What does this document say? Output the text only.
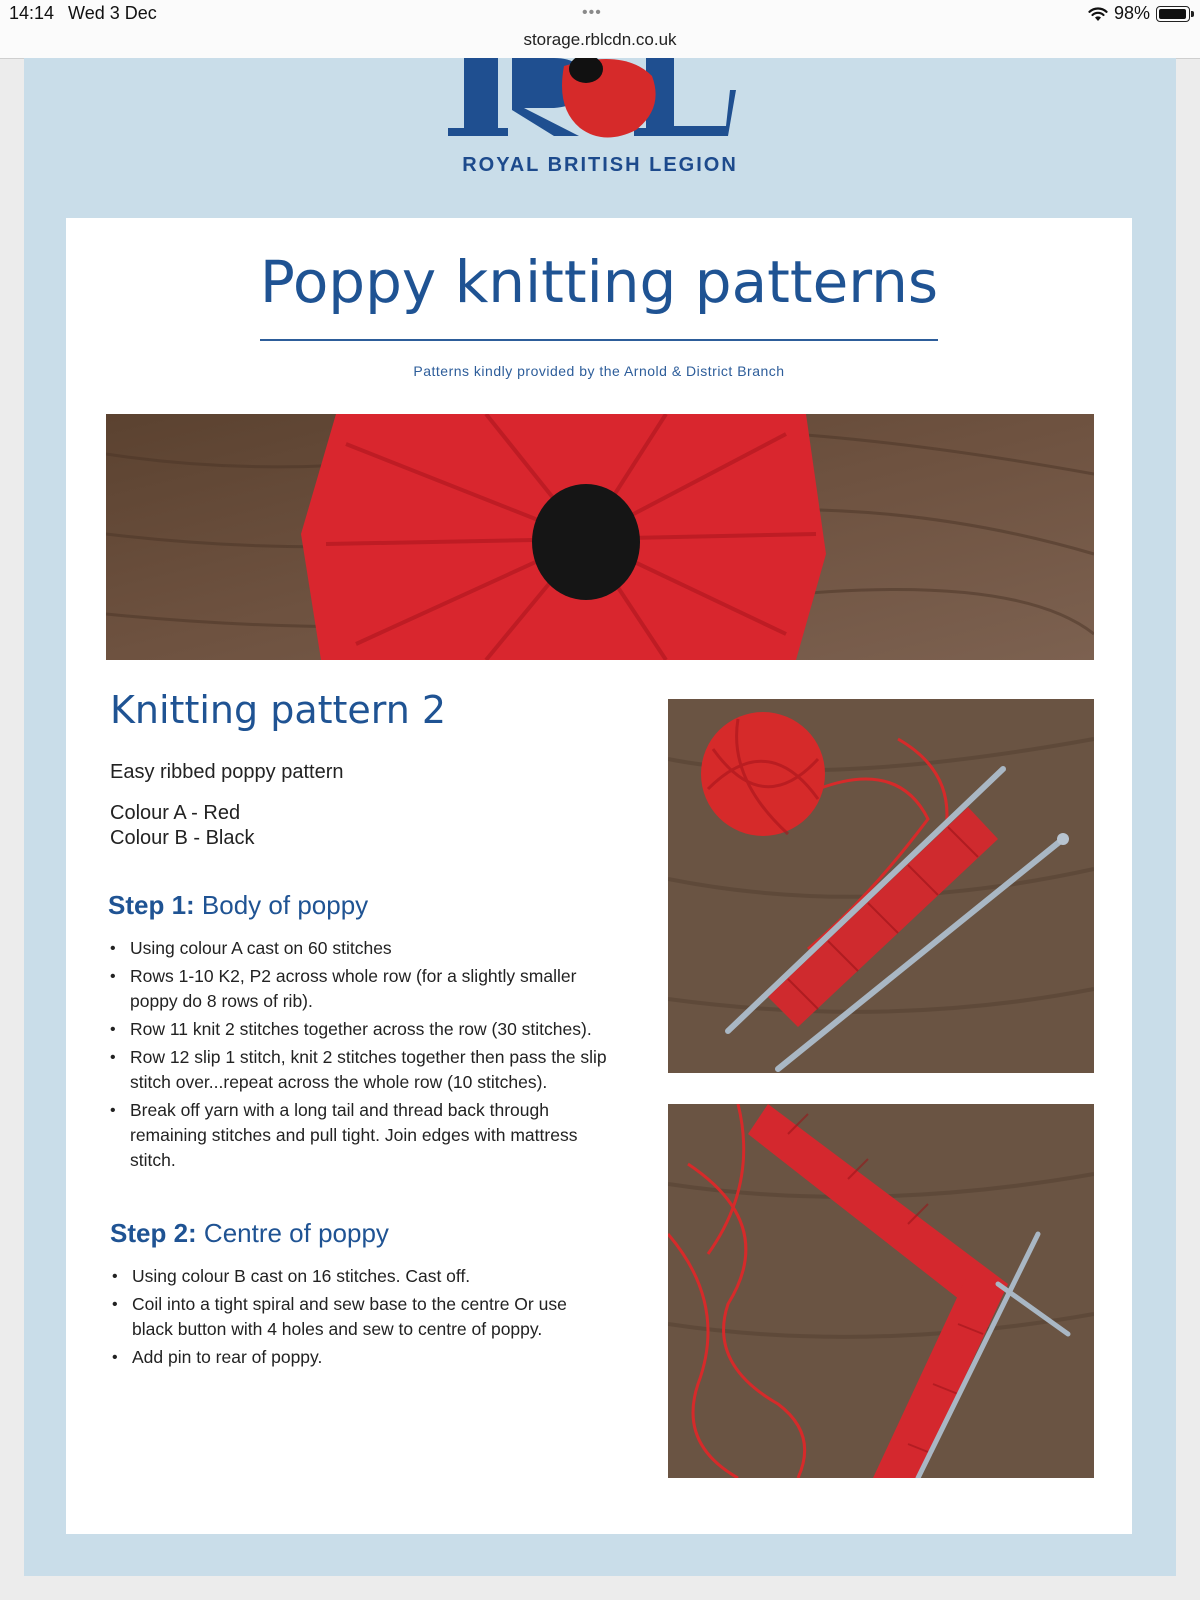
14:14 Wed 3 Dec	•••
storage.rblcdn.co.uk
98%
ROYAL BRITISH LEGION
Poppy knitting patterns
Patterns kindly provided by the Arnold & District Branch
Knitting pattern 2
Easy ribbed poppy pattern
Colour A - Red
Colour B - Black
Step 1: Body of poppy
• Using colour A cast on 60 stitches
• Rows 1-10 K2, P2 across whole row (for a slightly smaller poppy do 8 rows of rib).
• Row 11 knit 2 stitches together across the row (30 stitches).
• Row 12 slip 1 stitch, knit 2 stitches together then pass the slip stitch over...repeat across the whole row (10 stitches).
• Break off yarn with a long tail and thread back through remaining stitches and pull tight. Join edges with mattress stitch.
Step 2: Centre of poppy
• Using colour B cast on 16 stitches. Cast off.
• Coil into a tight spiral and sew base to the centre Or use black button with 4 holes and sew to centre of poppy.
• Add pin to rear of poppy.
